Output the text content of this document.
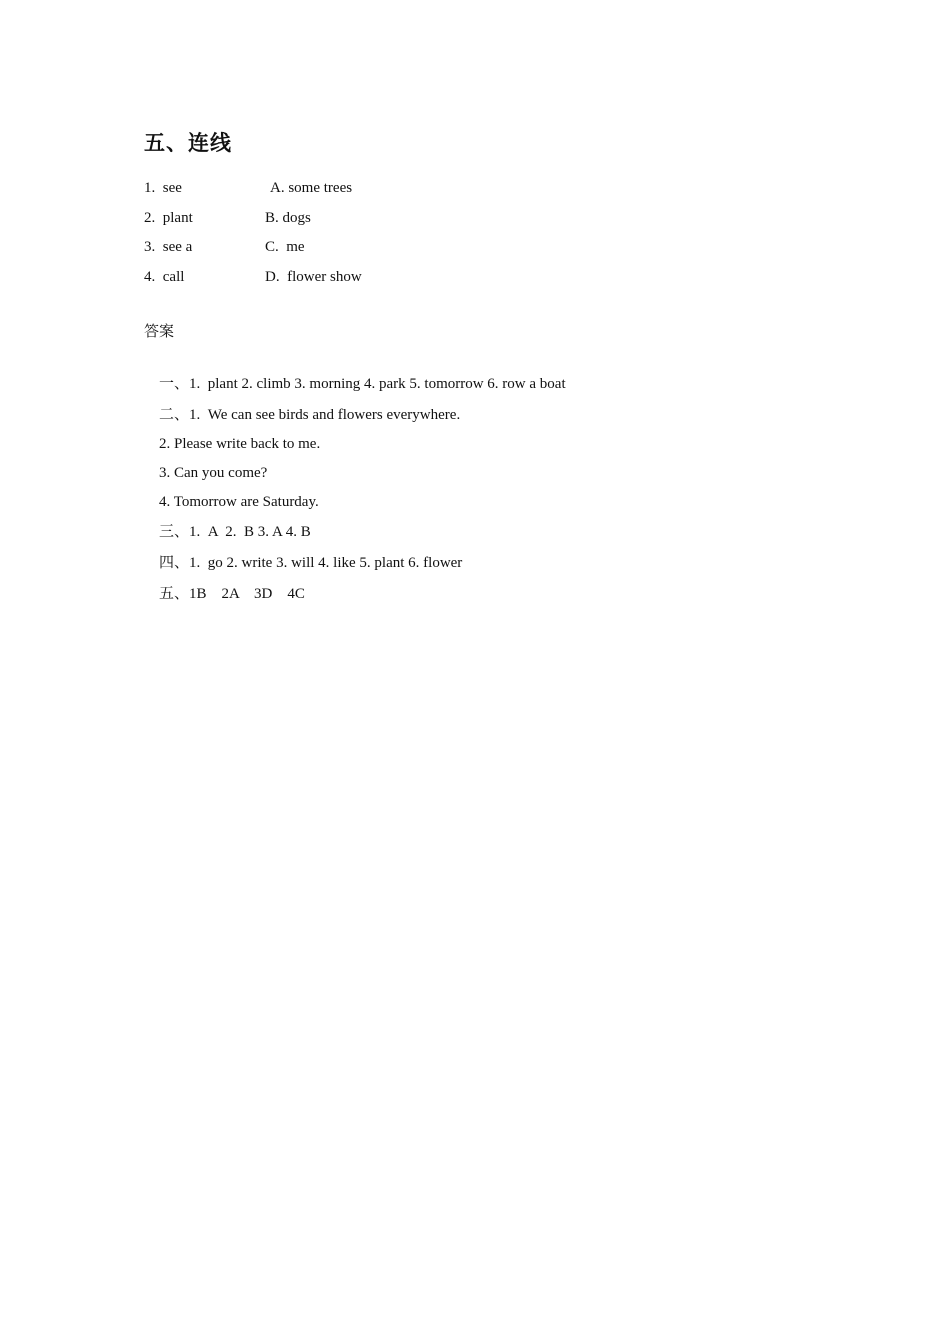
五、连线
1.  see	A. some trees
2.  plant	B. dogs
3.  see a	C.  me
4.  call	D.  flower show
答案

一、1.  plant 2. climb 3. morning 4. park 5. tomorrow 6. row a boat

二、1.  We can see birds and flowers everywhere.

2. Please write back to me.

3. Can you come?

4. Tomorrow are Saturday.

三、1.  A  2.  B 3. A 4. B

四、1.  go 2. write 3. will 4. like 5. plant 6. flower

五、1B    2A    3D    4C
